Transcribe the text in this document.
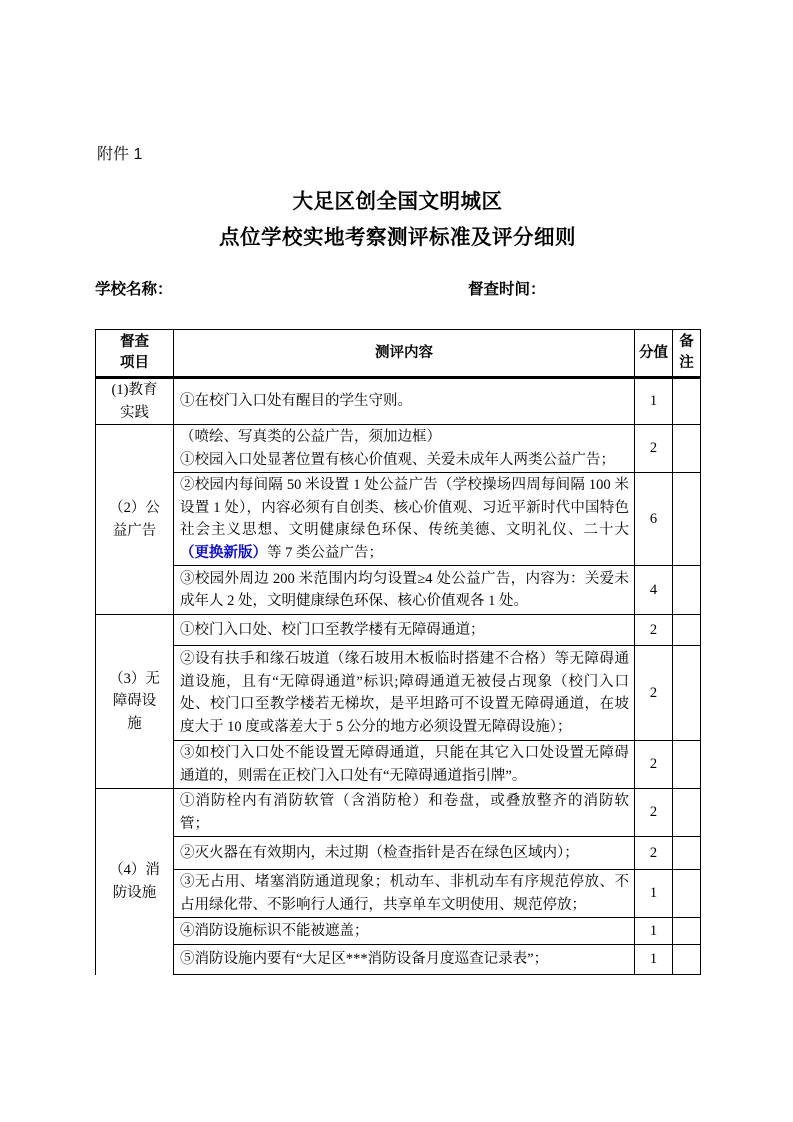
附件 1
大足区创全国文明城区
点位学校实地考察测评标准及评分细则
学校名称：	督查时间：
督查项目	测评内容	分值	备注
(1)教育实践	①在校门入口处有醒目的学生守则。	1	
（2）公益广告	（喷绘、写真类的公益广告，须加边框）
①校园入口处显著位置有核心价值观、关爱未成年人两类公益广告；	2	
	②校园内每间隔 50 米设置 1 处公益广告（学校操场四周每间隔 100 米设置 1 处），内容必须有自创类、核心价值观、习近平新时代中国特色社会主义思想、文明健康绿色环保、传统美德、文明礼仪、二十大（更换新版）等 7 类公益广告；	6	
	③校园外周边 200 米范围内均匀设置≥4 处公益广告，内容为：关爱未成年人 2 处，文明健康绿色环保、核心价值观各 1 处。	4	
（3）无障碍设施	①校门入口处、校门口至教学楼有无障碍通道；	2	
	②设有扶手和缘石坡道（缘石坡用木板临时搭建不合格）等无障碍通道设施，且有“无障碍通道”标识;障碍通道无被侵占现象（校门入口处、校门口至教学楼若无梯坎，是平坦路可不设置无障碍通道，在坡度大于 10 度或落差大于 5 公分的地方必须设置无障碍设施）；	2	
	③如校门入口处不能设置无障碍通道，只能在其它入口处设置无障碍通道的，则需在正校门入口处有“无障碍通道指引牌”。	2	
（4）消防设施	①消防栓内有消防软管（含消防枪）和卷盘，或叠放整齐的消防软管；	2	
	②灭火器在有效期内，未过期（检查指针是否在绿色区域内）；	2	
	③无占用、堵塞消防通道现象；机动车、非机动车有序规范停放、不占用绿化带、不影响行人通行，共享单车文明使用、规范停放；	1	
	④消防设施标识不能被遮盖；	1	
	⑤消防设施内要有“大足区***消防设备月度巡查记录表”；	1	
